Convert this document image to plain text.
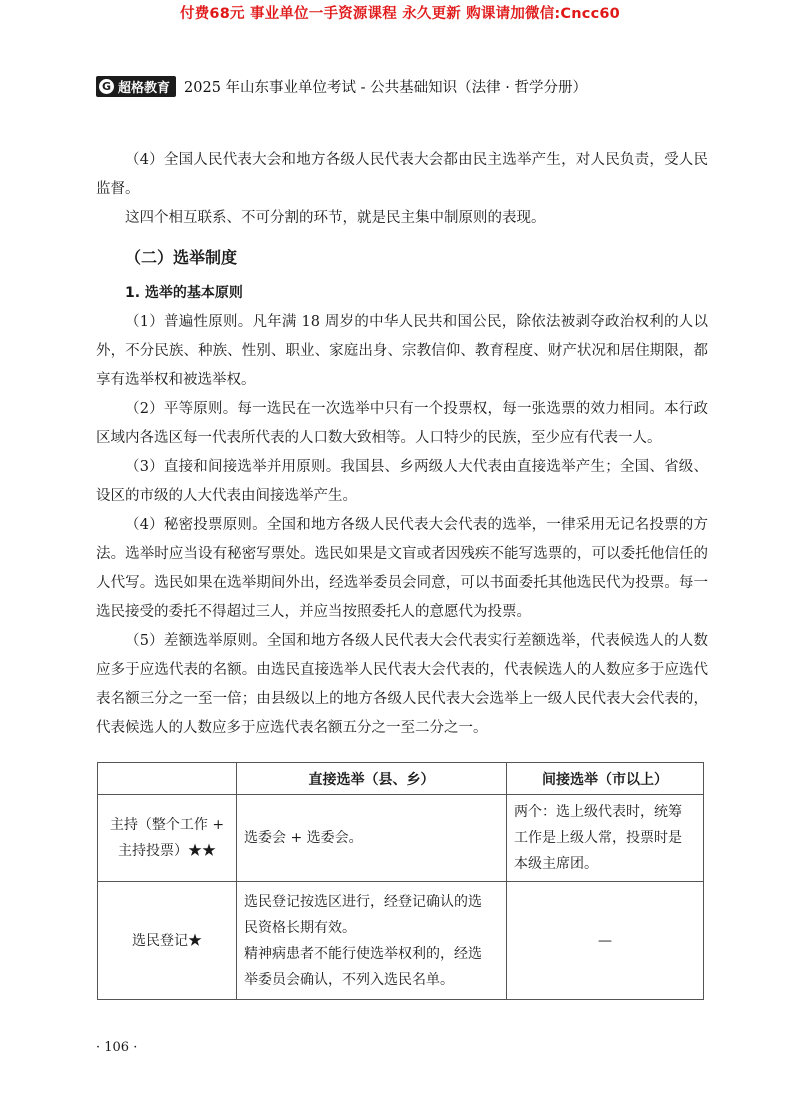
付费68元 事业单位一手资源课程 永久更新 购课请加微信:Cncc60
G 超格教育 2025 年山东事业单位考试 - 公共基础知识（法律 · 哲学分册）

（4）全国人民代表大会和地方各级人民代表大会都由民主选举产生，对人民负责，受人民监督。

这四个相互联系、不可分割的环节，就是民主集中制原则的表现。

（二）选举制度
1. 选举的基本原则

（1）普遍性原则。凡年满 18 周岁的中华人民共和国公民，除依法被剥夺政治权利的人以外，不分民族、种族、性别、职业、家庭出身、宗教信仰、教育程度、财产状况和居住期限，都享有选举权和被选举权。

（2）平等原则。每一选民在一次选举中只有一个投票权，每一张选票的效力相同。本行政区域内各选区每一代表所代表的人口数大致相等。人口特少的民族，至少应有代表一人。

（3）直接和间接选举并用原则。我国县、乡两级人大代表由直接选举产生；全国、省级、设区的市级的人大代表由间接选举产生。

（4）秘密投票原则。全国和地方各级人民代表大会代表的选举，一律采用无记名投票的方法。选举时应当设有秘密写票处。选民如果是文盲或者因残疾不能写选票的，可以委托他信任的人代写。选民如果在选举期间外出，经选举委员会同意，可以书面委托其他选民代为投票。每一选民接受的委托不得超过三人，并应当按照委托人的意愿代为投票。

（5）差额选举原则。全国和地方各级人民代表大会代表实行差额选举，代表候选人的人数应多于应选代表的名额。由选民直接选举人民代表大会代表的，代表候选人的人数应多于应选代表名额三分之一至一倍；由县级以上的地方各级人民代表大会选举上一级人民代表大会代表的，代表候选人的人数应多于应选代表名额五分之一至二分之一。

	直接选举（县、乡）	间接选举（市以上）

主持（整个工作 +
主持投票）★★	选委会 + 选委会。	两个：选上级代表时，统筹
工作是上级人常，投票时是
本级主席团。

选民登记★	选民登记按选区进行，经登记确认的选
民资格长期有效。
精神病患者不能行使选举权利的，经选
举委员会确认，不列入选民名单。	—
· 106 ·
